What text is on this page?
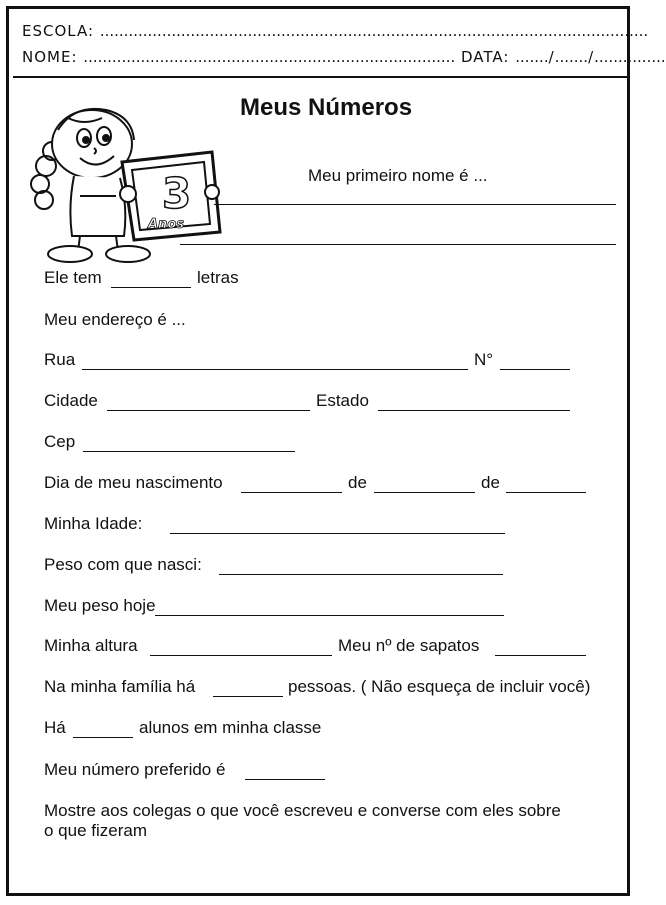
ESCOLA: ...................................................................................................................
NOME: .............................................................................. DATA: ......./......./...............
Meus Números
3
Anos
Meu primeiro nome é ...
Ele tem	letras
Meu endereço é ...
Rua	N°
Cidade	Estado
Cep
Dia de meu nascimento	de	de
Minha Idade:
Peso com que nasci:
Meu peso hoje
Minha altura	Meu nº de sapatos
Na minha família há	pessoas. ( Não esqueça de incluir você)
Há	alunos em minha classe
Meu número preferido é
Mostre aos colegas o que você escreveu e converse com eles sobre
o que fizeram
